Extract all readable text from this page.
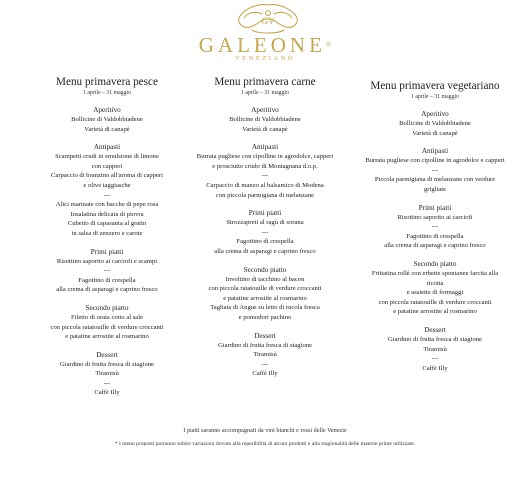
GV
GALEONE®
VENEZIANO
Menu primavera pesce
1 aprile – 31 maggio
Aperitivo
Bollicine di Valdobbiadene
Varietà di canapè
Antipasti
Scampetti crudi in emulsione di limone
con capperi
Carpaccio di branzino all'aroma di capperi
e olive taggiasche
---
Alici marinate con bacche di pepe rosa
Insalatina delicata di piovra
Cubetto di capasanta al gratin
in salsa di zenzero e carote
Primi piatti
Risottino saporito ai carciofi e scampi
---
Fagottino di crespella
alla crema di asparagi e caprino fresco
Secondo piatto
Filetto di orata cotto al sale
con piccola ratatouille di verdure croccanti
e patatine arrostite al rosmarino
Dessert
Giardino di frutta fresca di stagione
Tiramisù
---
Caffè Illy
Menu primavera carne
1 aprile – 31 maggio
Aperitivo
Bollicine di Valdobbiadene
Varietà di canapè
Antipasti
Burrata pugliese con cipolline in agrodolce, capperi
e prosciutto crudo di Montagnana d.o.p.
---
Carpaccio di manzo al balsamico di Modena
con piccola parmigiana di melanzane
Primi piatti
Strozzapreti al ragù di sorana
---
Fagottino di crespella
alla crema di asparagi e caprino fresco
Secondo piatto
Involtino di tacchino al bacon
con piccola ratatouille di verdure croccanti
e patatine arrostite al rosmarino
Tagliata di Angus su letto di rucola fresca
e pomodori pachino
Dessert
Giardino di frutta fresca di stagione
Tiramisù
---
Caffè Illy
Menu primavera vegetariano
1 aprile – 31 maggio
Aperitivo
Bollicine di Valdobbiadene
Varietà di canapè
Antipasti
Burrata pugliese con cipolline in agrodolce e capperi
---
Piccola parmigiana di melanzane con verdure
grigliate
Primi piatti
Risottino saporito ai carciofi
---
Fagottino di crespella
alla crema di asparagi e caprino fresco
Secondo piatto
Frittatina rollè con erbette spontanee farcita alla
ricotta
e assiette di formaggi
con piccola ratatouille di verdure croccanti
e patatine arrostite al rosmarino
Dessert
Giardino di frutta fresca di stagione
Tiramisù
---
Caffè Illy
I piatti saranno accompagnati da vini bianchi e rossi delle Venezie
* I menu proposti potranno subire variazioni dovute alla reperibilità di alcuni prodotti e alla stagionalità delle materie prime utilizzate.
